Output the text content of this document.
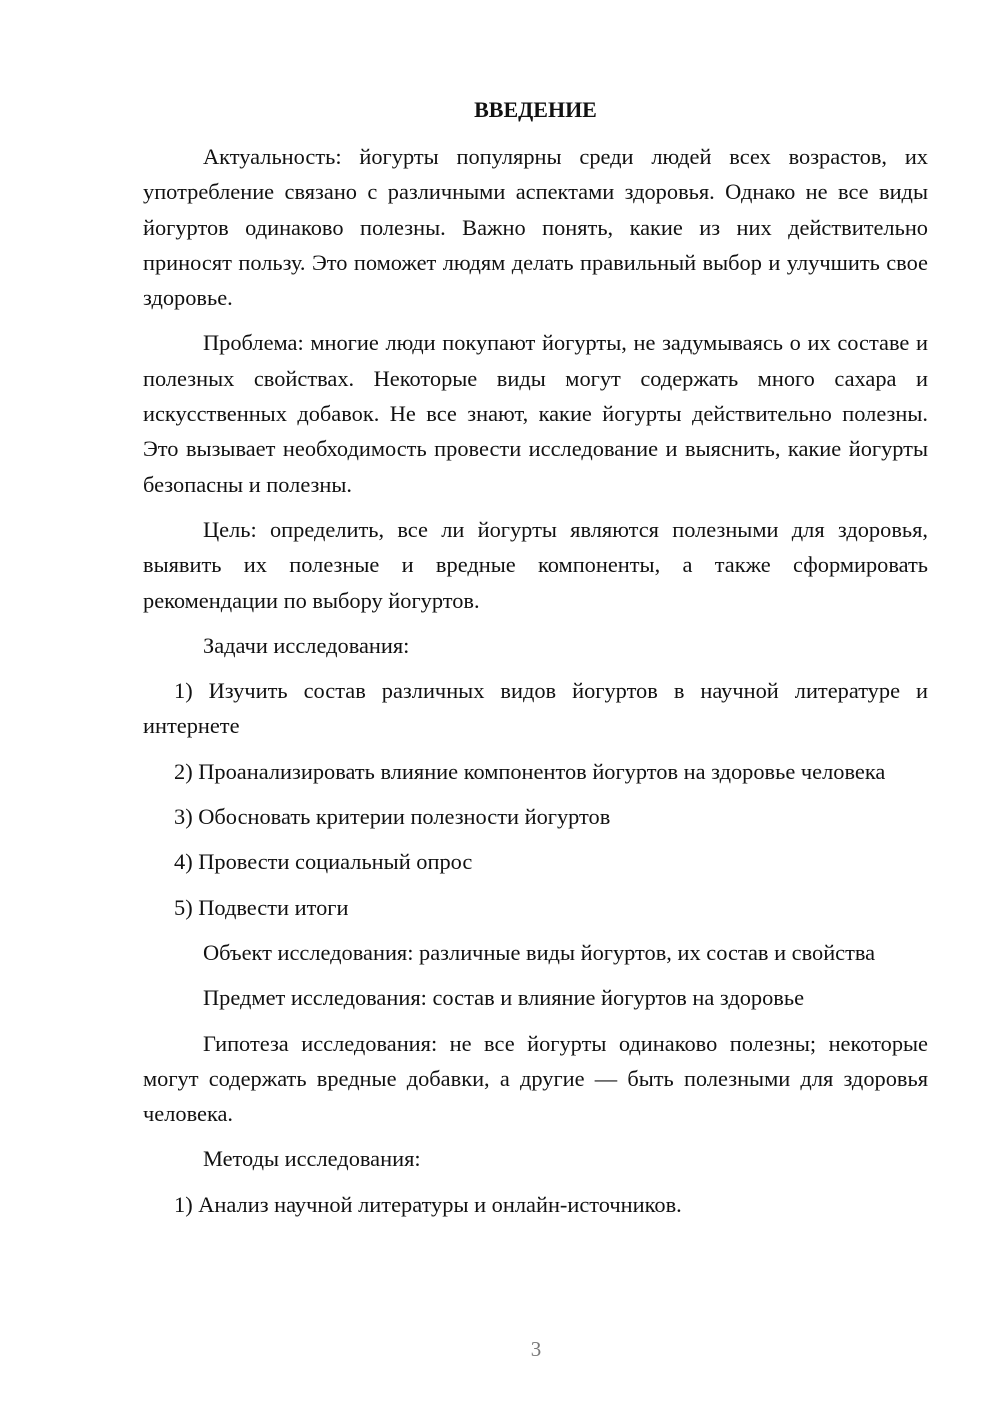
ВВЕДЕНИЕ

Актуальность: йогурты популярны среди людей всех возрастов, их употребление связано с различными аспектами здоровья. Однако не все виды йогуртов одинаково полезны. Важно понять, какие из них действительно приносят пользу. Это поможет людям делать правильный выбор и улучшить свое здоровье.

Проблема: многие люди покупают йогурты, не задумываясь о их составе и полезных свойствах. Некоторые виды могут содержать много сахара и искусственных добавок. Не все знают, какие йогурты действительно полезны. Это вызывает необходимость провести исследование и выяснить, какие йогурты безопасны и полезны.

Цель: определить, все ли йогурты являются полезными для здоровья, выявить их полезные и вредные компоненты, а также сформировать рекомендации по выбору йогуртов.

Задачи исследования:

1) Изучить состав различных видов йогуртов в научной литературе и интернете

2) Проанализировать влияние компонентов йогуртов на здоровье человека

3) Обосновать критерии полезности йогуртов

4) Провести социальный опрос

5) Подвести итоги

Объект исследования: различные виды йогуртов, их состав и свойства

Предмет исследования: состав и влияние йогуртов на здоровье

Гипотеза исследования: не все йогурты одинаково полезны; некоторые могут содержать вредные добавки, а другие — быть полезными для здоровья человека.

Методы исследования:

1) Анализ научной литературы и онлайн-источников.

3
